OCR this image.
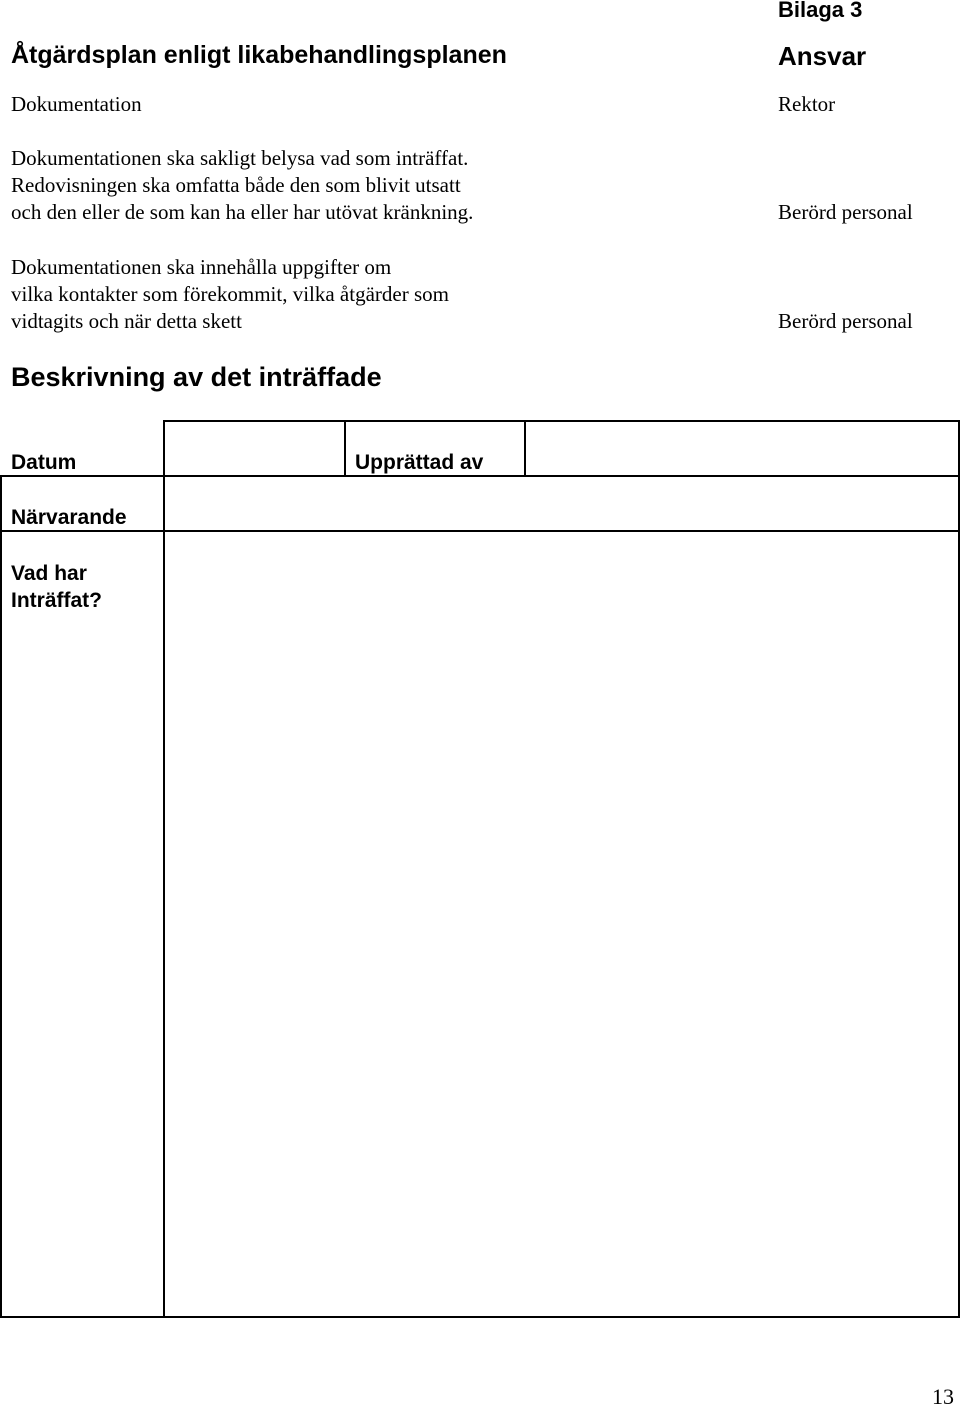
Bilaga 3
Åtgärdsplan enligt likabehandlingsplanen	Ansvar
Dokumentation	Rektor
Dokumentationen ska sakligt belysa vad som inträffat.
Redovisningen ska omfatta både den som blivit utsatt
och den eller de som kan ha eller har utövat kränkning.	Berörd personal
Dokumentationen ska innehålla uppgifter om
vilka kontakter som förekommit, vilka åtgärder som
vidtagits och när detta skett	Berörd personal
Beskrivning av det inträffade
Datum	Upprättad av
Närvarande
Vad har Inträffat?
13
